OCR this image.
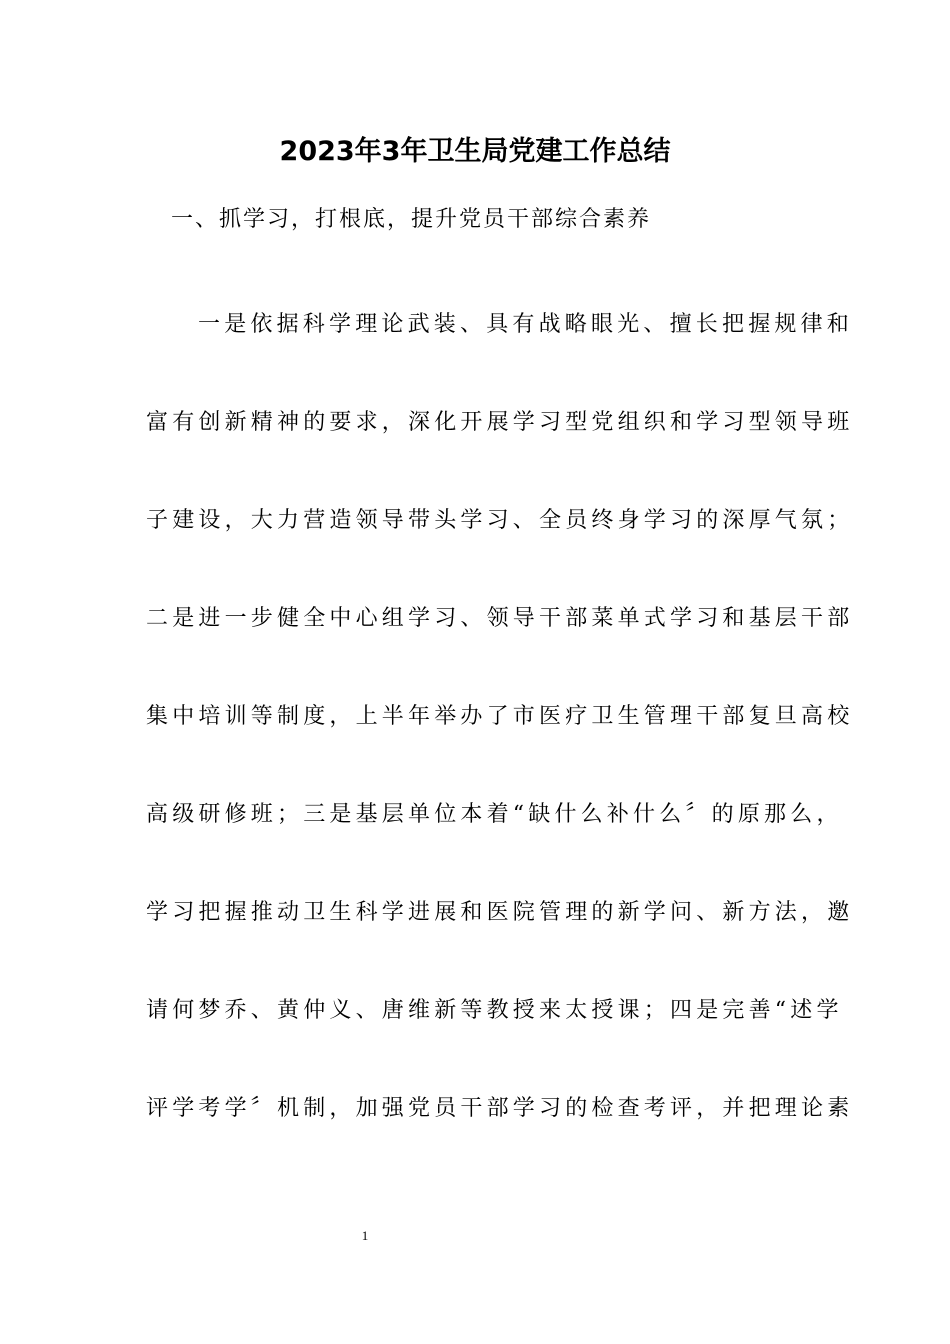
2023年3年卫生局党建工作总结
一、抓学习，打根底，提升党员干部综合素养
一是依据科学理论武装、具有战略眼光、擅长把握规律和
富有创新精神的要求，深化开展学习型党组织和学习型领导班
子建设，大力营造领导带头学习、全员终身学习的深厚气氛；
二是进一步健全中心组学习、领导干部菜单式学习和基层干部
集中培训等制度，上半年举办了市医疗卫生管理干部复旦高校
高级研修班；三是基层单位本着“缺什么补什么〞的原那么，
学习把握推动卫生科学进展和医院管理的新学问、新方法，邀
请何梦乔、黄仲义、唐维新等教授来太授课；四是完善“述学
评学考学〞机制，加强党员干部学习的检查考评，并把理论素
1
